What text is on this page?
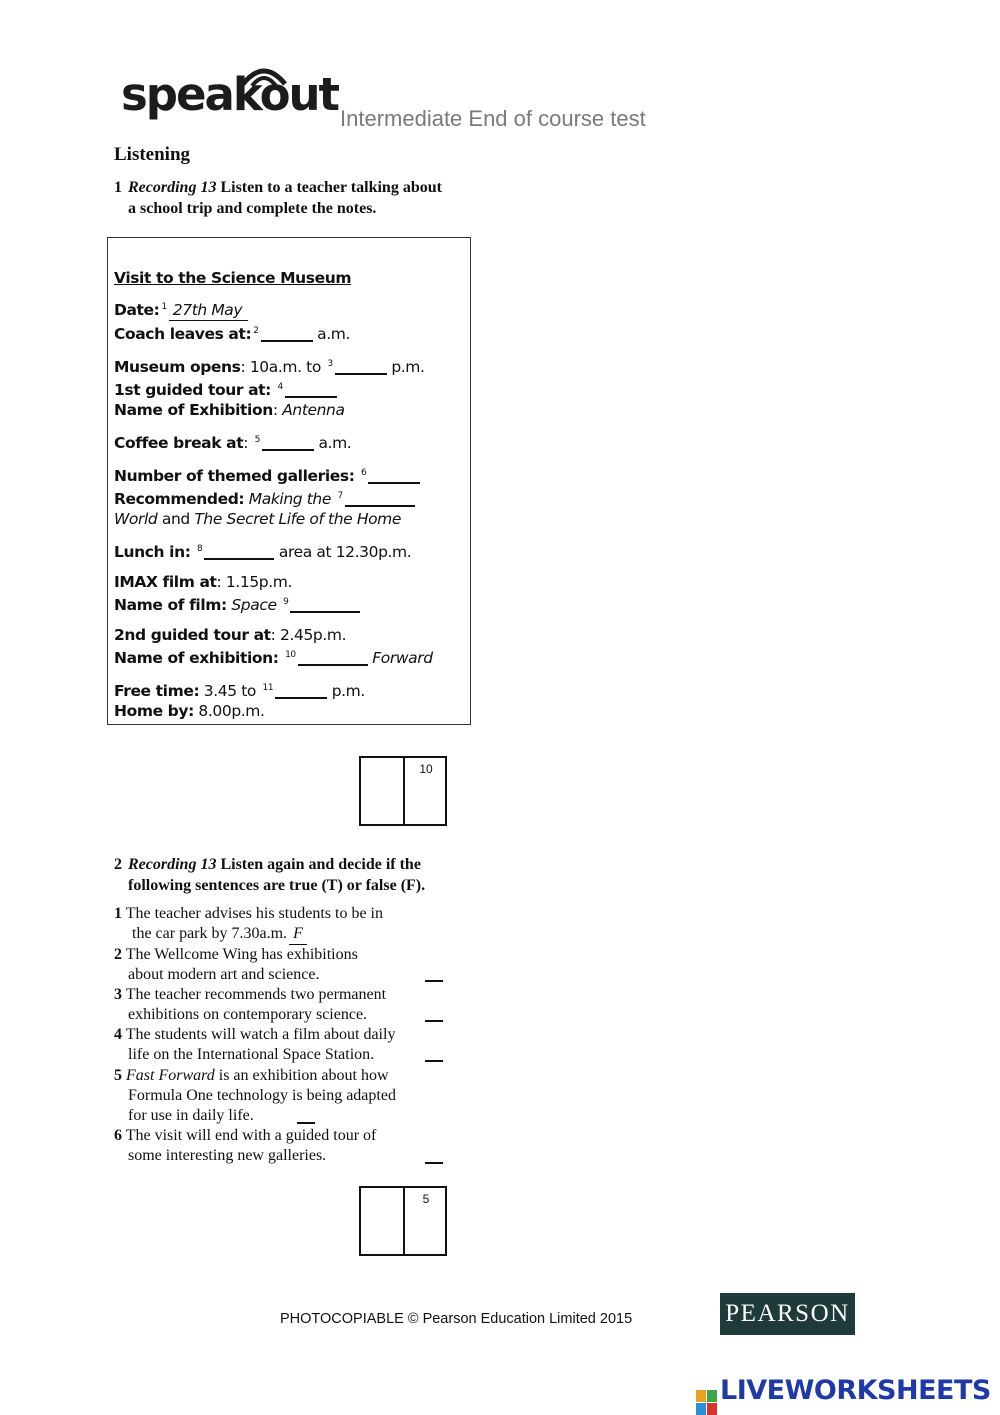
speakout Intermediate End of course test
Listening
1 Recording 13 Listen to a teacher talking about
a school trip and complete the notes.
Visit to the Science Museum
Date: $^1$ 27th May
Coach leaves at: $^2$	a.m.
Museum opens: 10a.m. to $^3$	p.m.
1st guided tour at: $^4$
Name of Exhibition: Antenna
Coffee break at: $^5$	a.m.
Number of themed galleries: $^6$
Recommended: Making the $^7$
World and The Secret Life of the Home
Lunch in: $^8$	area at 12.30p.m.
IMAX film at: 1.15p.m.
Name of film: Space $^9$
2nd guided tour at: 2.45p.m.
Name of exhibition: $^{10}$	Forward
Free time: 3.45 to $^{11}$	p.m.
Home by: 8.00p.m.
10
2 Recording 13 Listen again and decide if the
following sentences are true (T) or false (F).
1 The teacher advises his students to be in
the car park by 7.30a.m. F
2 The Wellcome Wing has exhibitions
about modern art and science.
3 The teacher recommends two permanent
exhibitions on contemporary science.
4 The students will watch a film about daily
life on the International Space Station.
5 Fast Forward is an exhibition about how
Formula One technology is being adapted
for use in daily life.
6 The visit will end with a guided tour of
some interesting new galleries.
5
PHOTOCOPIABLE © Pearson Education Limited 2015	PEARSON
LIVEWORKSHEETS
